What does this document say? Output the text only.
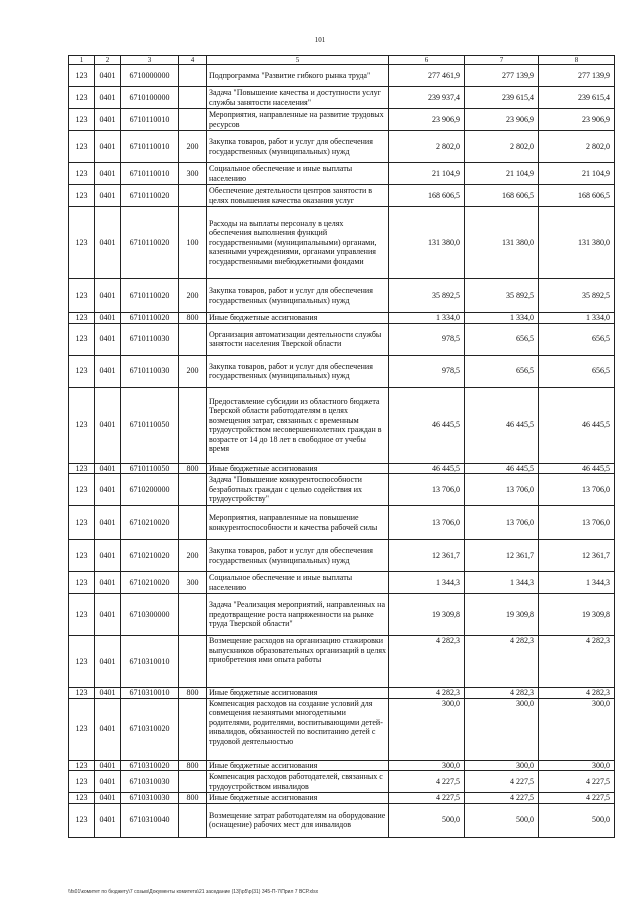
101
1	2	3	4	5	6	7	8
123	0401	6710000000		Подпрограмма "Развитие гибкого рынка труда"	277 461,9	277 139,9	277 139,9
123	0401	6710100000		Задача "Повышение качества и доступности услуг службы занятости населения"	239 937,4	239 615,4	239 615,4
123	0401	6710110010		Мероприятия, направленные на развитие трудовых ресурсов	23 906,9	23 906,9	23 906,9
123	0401	6710110010	200	Закупка товаров, работ и услуг для обеспечения государственных (муниципальных) нужд	2 802,0	2 802,0	2 802,0
123	0401	6710110010	300	Социальное обеспечение и иные выплаты населению	21 104,9	21 104,9	21 104,9
123	0401	6710110020		Обеспечение деятельности центров занятости в целях повышения качества оказания услуг	168 606,5	168 606,5	168 606,5
123	0401	6710110020	100	Расходы на выплаты персоналу в целях обеспечения выполнения функций государственными (муниципальными) органами, казенными учреждениями, органами управления государственными внебюджетными фондами	131 380,0	131 380,0	131 380,0
123	0401	6710110020	200	Закупка товаров, работ и услуг для обеспечения государственных (муниципальных) нужд	35 892,5	35 892,5	35 892,5
123	0401	6710110020	800	Иные бюджетные ассигнования	1 334,0	1 334,0	1 334,0
123	0401	6710110030		Организация автоматизации деятельности службы занятости населения Тверской области	978,5	656,5	656,5
123	0401	6710110030	200	Закупка товаров, работ и услуг для обеспечения государственных (муниципальных) нужд	978,5	656,5	656,5
123	0401	6710110050		Предоставление субсидии из областного бюджета Тверской области работодателям в целях возмещения затрат, связанных с временным трудоустройством несовершеннолетних граждан в возрасте от 14 до 18 лет в свободное от учебы время	46 445,5	46 445,5	46 445,5
123	0401	6710110050	800	Иные бюджетные ассигнования	46 445,5	46 445,5	46 445,5
123	0401	6710200000		Задача "Повышение конкурентоспособности безработных граждан с целью содействия их трудоустройству"	13 706,0	13 706,0	13 706,0
123	0401	6710210020		Мероприятия, направленные на повышение конкурентоспособности и качества рабочей силы	13 706,0	13 706,0	13 706,0
123	0401	6710210020	200	Закупка товаров, работ и услуг для обеспечения государственных (муниципальных) нужд	12 361,7	12 361,7	12 361,7
123	0401	6710210020	300	Социальное обеспечение и иные выплаты населению	1 344,3	1 344,3	1 344,3
123	0401	6710300000		Задача "Реализация мероприятий, направленных на предотвращение роста напряженности на рынке труда Тверской области"	19 309,8	19 309,8	19 309,8
123	0401	6710310010		Возмещение расходов на организацию стажировки выпускников образовательных организаций в целях приобретения ими опыта работы	4 282,3	4 282,3	4 282,3
123	0401	6710310010	800	Иные бюджетные ассигнования	4 282,3	4 282,3	4 282,3
123	0401	6710310020		Компенсация расходов на создание условий для совмещения незанятыми многодетными родителями, родителями, воспитывающими детей-инвалидов, обязанностей по воспитанию детей с трудовой деятельностью	300,0	300,0	300,0
123	0401	6710310020	800	Иные бюджетные ассигнования	300,0	300,0	300,0
123	0401	6710310030		Компенсация расходов работодателей, связанных с трудоустройством инвалидов	4 227,5	4 227,5	4 227,5
123	0401	6710310030	800	Иные бюджетные ассигнования	4 227,5	4 227,5	4 227,5
123	0401	6710310040		Возмещение затрат работодателям на оборудование (оснащение) рабочих мест для инвалидов	500,0	500,0	500,0
\\fs01\комитет по бюджету\7 созыв\Документы комитета\21 заседание (13)\р5\р(31) 345-П-7\Прил 7 ВСР.xlsx
